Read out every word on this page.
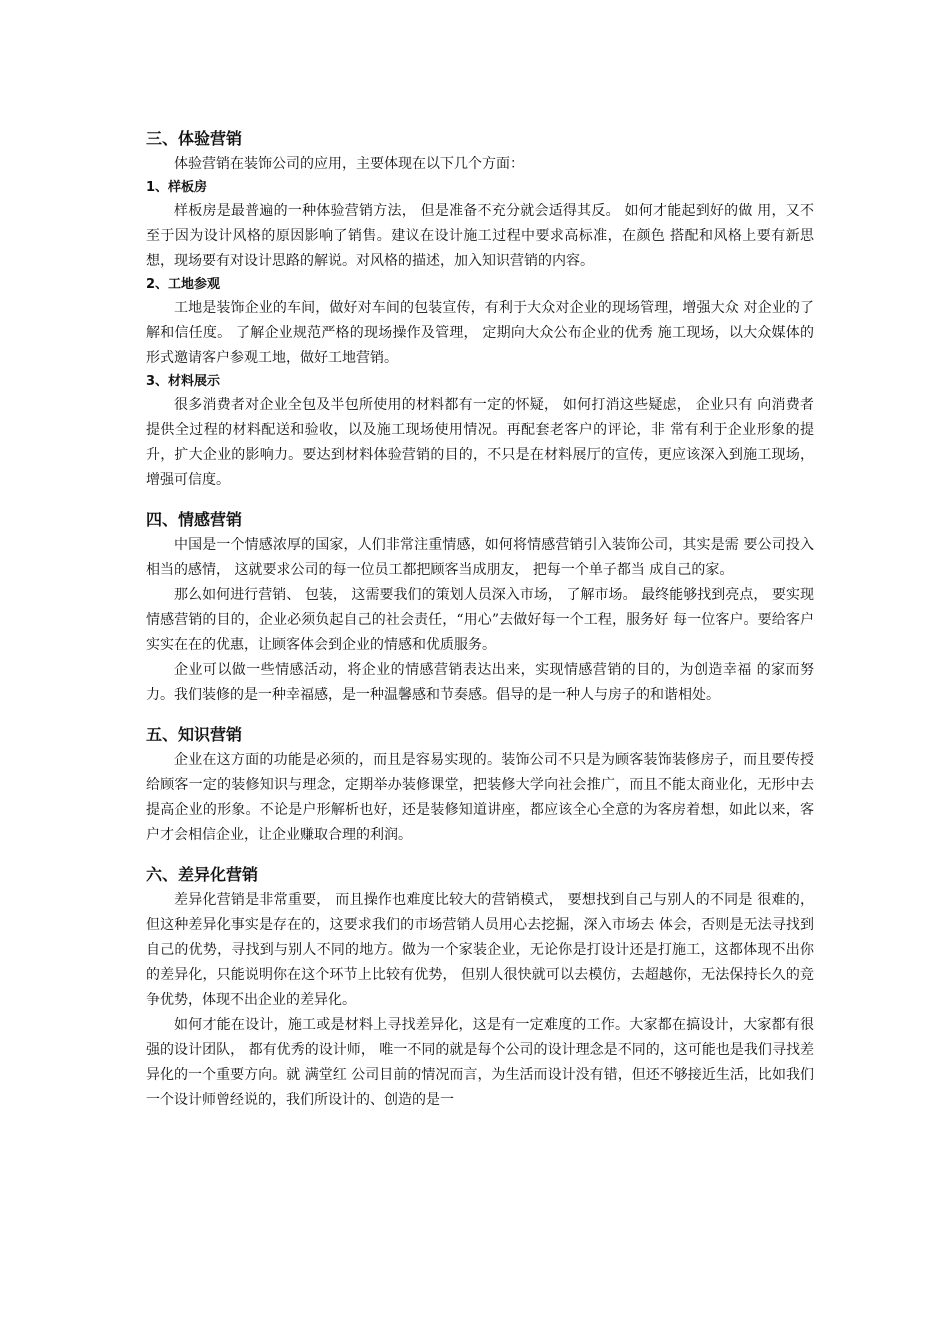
三、体验营销

体验营销在装饰公司的应用，主要体现在以下几个方面：

1、样板房

样板房是最普遍的一种体验营销方法， 但是准备不充分就会适得其反。 如何才能起到好的做 用，又不至于因为设计风格的原因影响了销售。建议在设计施工过程中要求高标准，在颜色 搭配和风格上要有新思想，现场要有对设计思路的解说。对风格的描述，加入知识营销的内容。

2、工地参观

工地是装饰企业的车间，做好对车间的包装宣传，有利于大众对企业的现场管理，增强大众 对企业的了解和信任度。 了解企业规范严格的现场操作及管理， 定期向大众公布企业的优秀 施工现场，以大众媒体的形式邀请客户参观工地，做好工地营销。

3、材料展示

很多消费者对企业全包及半包所使用的材料都有一定的怀疑， 如何打消这些疑虑， 企业只有 向消费者提供全过程的材料配送和验收，以及施工现场使用情况。再配套老客户的评论，非 常有利于企业形象的提升，扩大企业的影响力。要达到材料体验营销的目的，不只是在材料展厅的宣传，更应该深入到施工现场，增强可信度。

四、情感营销

中国是一个情感浓厚的国家，人们非常注重情感，如何将情感营销引入装饰公司，其实是需 要公司投入相当的感情， 这就要求公司的每一位员工都把顾客当成朋友， 把每一个单子都当 成自己的家。

那么如何进行营销、 包装， 这需要我们的策划人员深入市场， 了解市场。 最终能够找到亮点， 要实现情感营销的目的，企业必须负起自己的社会责任，“用心”去做好每一个工程，服务好 每一位客户。要给客户实实在在的优惠，让顾客体会到企业的情感和优质服务。

企业可以做一些情感活动，将企业的情感营销表达出来，实现情感营销的目的，为创造幸福 的家而努力。我们装修的是一种幸福感，是一种温馨感和节奏感。倡导的是一种人与房子的和谐相处。

五、知识营销

企业在这方面的功能是必须的，而且是容易实现的。装饰公司不只是为顾客装饰装修房子，而且要传授给顾客一定的装修知识与理念，定期举办装修课堂，把装修大学向社会推广，而且不能太商业化，无形中去提高企业的形象。不论是户形解析也好，还是装修知道讲座，都应该全心全意的为客房着想，如此以来，客户才会相信企业，让企业赚取合理的利润。

六、差异化营销

差异化营销是非常重要， 而且操作也难度比较大的营销模式， 要想找到自己与别人的不同是 很难的，但这种差异化事实是存在的，这要求我们的市场营销人员用心去挖掘，深入市场去 体会，否则是无法寻找到自己的优势，寻找到与别人不同的地方。做为一个家装企业，无论你是打设计还是打施工，这都体现不出你的差异化，只能说明你在这个环节上比较有优势， 但别人很快就可以去模仿，去超越你，无法保持长久的竞争优势，体现不出企业的差异化。

如何才能在设计，施工或是材料上寻找差异化，这是有一定难度的工作。大家都在搞设计，大家都有很强的设计团队， 都有优秀的设计师， 唯一不同的就是每个公司的设计理念是不同的，这可能也是我们寻找差异化的一个重要方向。就 满堂红 公司目前的情况而言，为生活而设计没有错，但还不够接近生活，比如我们一个设计师曾经说的，我们所设计的、创造的是一
